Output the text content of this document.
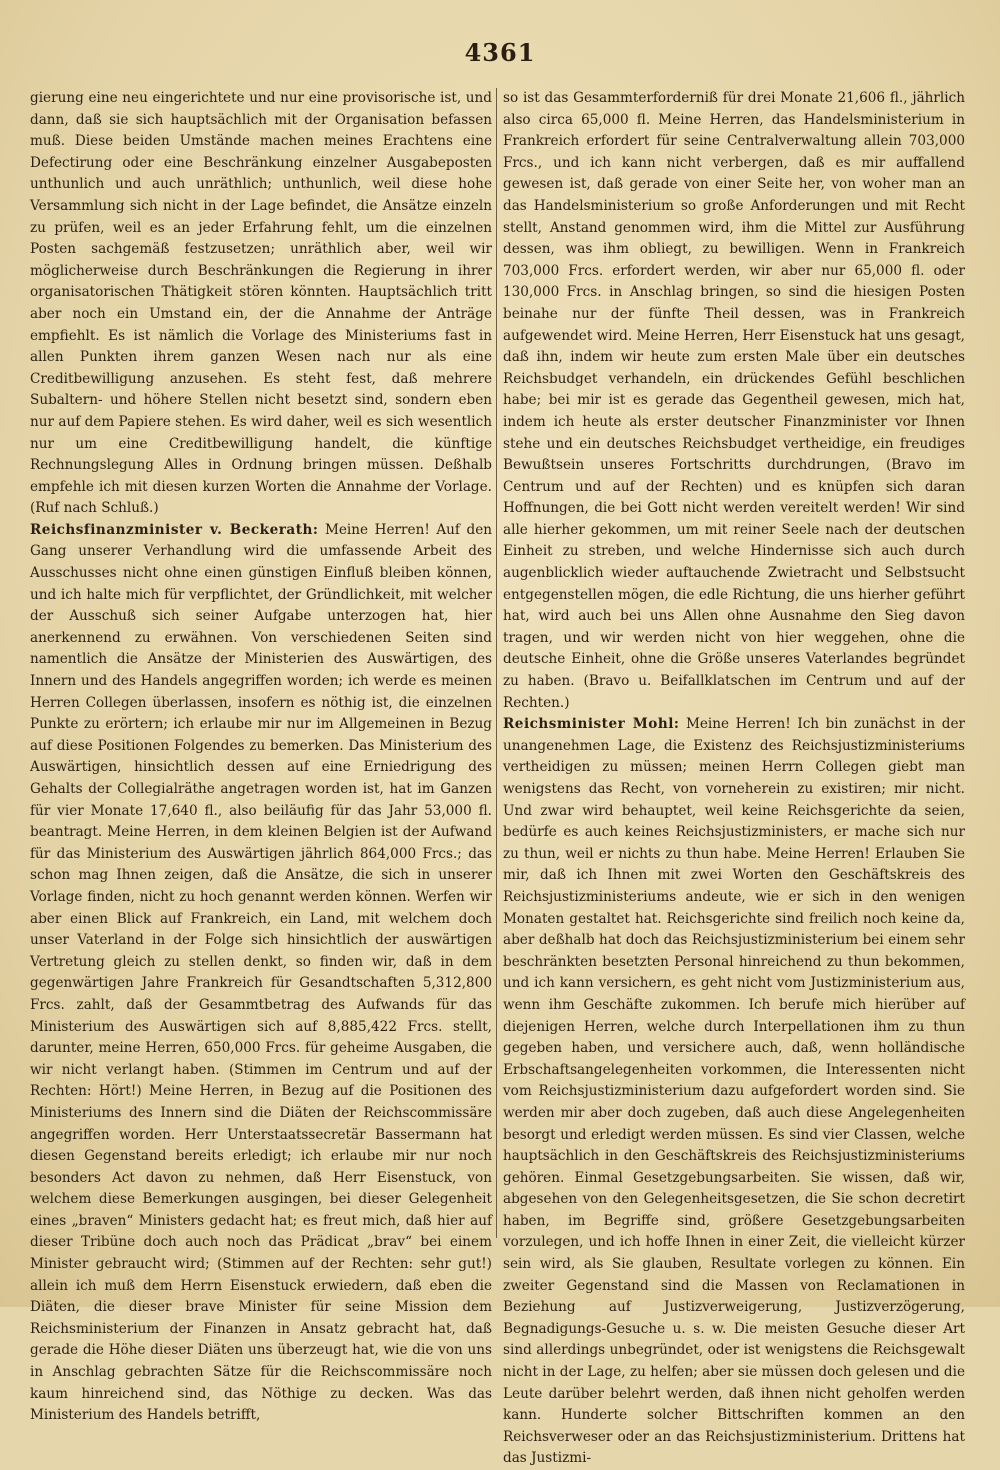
4361

gierung eine neu eingerichtete und nur eine provisorische ist, und dann, daß sie sich hauptsächlich mit der Organisation befassen muß. Diese beiden Umstände machen meines Erachtens eine Defectirung oder eine Beschränkung einzelner Ausgabeposten unthunlich und auch unräthlich; unthunlich, weil diese hohe Versammlung sich nicht in der Lage befindet, die Ansätze einzeln zu prüfen, weil es an jeder Erfahrung fehlt, um die einzelnen Posten sachgemäß festzusetzen; unräthlich aber, weil wir möglicherweise durch Beschränkungen die Regierung in ihrer organisatorischen Thätigkeit stören könnten. Hauptsächlich tritt aber noch ein Umstand ein, der die Annahme der Anträge empfiehlt. Es ist nämlich die Vorlage des Ministeriums fast in allen Punkten ihrem ganzen Wesen nach nur als eine Creditbewilligung anzusehen. Es steht fest, daß mehrere Subaltern- und höhere Stellen nicht besetzt sind, sondern eben nur auf dem Papiere stehen. Es wird daher, weil es sich wesentlich nur um eine Creditbewilligung handelt, die künftige Rechnungslegung Alles in Ordnung bringen müssen. Deßhalb empfehle ich mit diesen kurzen Worten die Annahme der Vorlage. (Ruf nach Schluß.)

Reichsfinanzminister v. Beckerath: Meine Herren! Auf den Gang unserer Verhandlung wird die umfassende Arbeit des Ausschusses nicht ohne einen günstigen Einfluß bleiben können, und ich halte mich für verpflichtet, der Gründlichkeit, mit welcher der Ausschuß sich seiner Aufgabe unterzogen hat, hier anerkennend zu erwähnen. Von verschiedenen Seiten sind namentlich die Ansätze der Ministerien des Auswärtigen, des Innern und des Handels angegriffen worden; ich werde es meinen Herren Collegen überlassen, insofern es nöthig ist, die einzelnen Punkte zu erörtern; ich erlaube mir nur im Allgemeinen in Bezug auf diese Positionen Folgendes zu bemerken. Das Ministerium des Auswärtigen, hinsichtlich dessen auf eine Erniedrigung des Gehalts der Collegialräthe angetragen worden ist, hat im Ganzen für vier Monate 17,640 fl., also beiläufig für das Jahr 53,000 fl. beantragt. Meine Herren, in dem kleinen Belgien ist der Aufwand für das Ministerium des Auswärtigen jährlich 864,000 Frcs.; das schon mag Ihnen zeigen, daß die Ansätze, die sich in unserer Vorlage finden, nicht zu hoch genannt werden können. Werfen wir aber einen Blick auf Frankreich, ein Land, mit welchem doch unser Vaterland in der Folge sich hinsichtlich der auswärtigen Vertretung gleich zu stellen denkt, so finden wir, daß in dem gegenwärtigen Jahre Frankreich für Gesandtschaften 5,312,800 Frcs. zahlt, daß der Gesammtbetrag des Aufwands für das Ministerium des Auswärtigen sich auf 8,885,422 Frcs. stellt, darunter, meine Herren, 650,000 Frcs. für geheime Ausgaben, die wir nicht verlangt haben. (Stimmen im Centrum und auf der Rechten: Hört!) Meine Herren, in Bezug auf die Positionen des Ministeriums des Innern sind die Diäten der Reichscommissäre angegriffen worden. Herr Unterstaatssecretär Bassermann hat diesen Gegenstand bereits erledigt; ich erlaube mir nur noch besonders Act davon zu nehmen, daß Herr Eisenstuck, von welchem diese Bemerkungen ausgingen, bei dieser Gelegenheit eines „braven“ Ministers gedacht hat; es freut mich, daß hier auf dieser Tribüne doch auch noch das Prädicat „brav“ bei einem Minister gebraucht wird; (Stimmen auf der Rechten: sehr gut!) allein ich muß dem Herrn Eisenstuck erwiedern, daß eben die Diäten, die dieser brave Minister für seine Mission dem Reichsministerium der Finanzen in Ansatz gebracht hat, daß gerade die Höhe dieser Diäten uns überzeugt hat, wie die von uns in Anschlag gebrachten Sätze für die Reichscommissäre noch kaum hinreichend sind, das Nöthige zu decken. Was das Ministerium des Handels betrifft,

so ist das Gesammterforderniß für drei Monate 21,606 fl., jährlich also circa 65,000 fl. Meine Herren, das Handelsministerium in Frankreich erfordert für seine Centralverwaltung allein 703,000 Frcs., und ich kann nicht verbergen, daß es mir auffallend gewesen ist, daß gerade von einer Seite her, von woher man an das Handelsministerium so große Anforderungen und mit Recht stellt, Anstand genommen wird, ihm die Mittel zur Ausführung dessen, was ihm obliegt, zu bewilligen. Wenn in Frankreich 703,000 Frcs. erfordert werden, wir aber nur 65,000 fl. oder 130,000 Frcs. in Anschlag bringen, so sind die hiesigen Posten beinahe nur der fünfte Theil dessen, was in Frankreich aufgewendet wird. Meine Herren, Herr Eisenstuck hat uns gesagt, daß ihn, indem wir heute zum ersten Male über ein deutsches Reichsbudget verhandeln, ein drückendes Gefühl beschlichen habe; bei mir ist es gerade das Gegentheil gewesen, mich hat, indem ich heute als erster deutscher Finanzminister vor Ihnen stehe und ein deutsches Reichsbudget vertheidige, ein freudiges Bewußtsein unseres Fortschritts durchdrungen, (Bravo im Centrum und auf der Rechten) und es knüpfen sich daran Hoffnungen, die bei Gott nicht werden vereitelt werden! Wir sind alle hierher gekommen, um mit reiner Seele nach der deutschen Einheit zu streben, und welche Hindernisse sich auch durch augenblicklich wieder auftauchende Zwietracht und Selbstsucht entgegenstellen mögen, die edle Richtung, die uns hierher geführt hat, wird auch bei uns Allen ohne Ausnahme den Sieg davon tragen, und wir werden nicht von hier weggehen, ohne die deutsche Einheit, ohne die Größe unseres Vaterlandes begründet zu haben. (Bravo u. Beifallklatschen im Centrum und auf der Rechten.)

Reichsminister Mohl: Meine Herren! Ich bin zunächst in der unangenehmen Lage, die Existenz des Reichsjustizministeriums vertheidigen zu müssen; meinen Herrn Collegen giebt man wenigstens das Recht, von vorneherein zu existiren; mir nicht. Und zwar wird behauptet, weil keine Reichsgerichte da seien, bedürfe es auch keines Reichsjustizministers, er mache sich nur zu thun, weil er nichts zu thun habe. Meine Herren! Erlauben Sie mir, daß ich Ihnen mit zwei Worten den Geschäftskreis des Reichsjustizministeriums andeute, wie er sich in den wenigen Monaten gestaltet hat. Reichsgerichte sind freilich noch keine da, aber deßhalb hat doch das Reichsjustizministerium bei einem sehr beschränkten besetzten Personal hinreichend zu thun bekommen, und ich kann versichern, es geht nicht vom Justizministerium aus, wenn ihm Geschäfte zukommen. Ich berufe mich hierüber auf diejenigen Herren, welche durch Interpellationen ihm zu thun gegeben haben, und versichere auch, daß, wenn holländische Erbschaftsangelegenheiten vorkommen, die Interessenten nicht vom Reichsjustizministerium dazu aufgefordert worden sind. Sie werden mir aber doch zugeben, daß auch diese Angelegenheiten besorgt und erledigt werden müssen. Es sind vier Classen, welche hauptsächlich in den Geschäftskreis des Reichsjustizministeriums gehören. Einmal Gesetzgebungsarbeiten. Sie wissen, daß wir, abgesehen von den Gelegenheitsgesetzen, die Sie schon decretirt haben, im Begriffe sind, größere Gesetzgebungsarbeiten vorzulegen, und ich hoffe Ihnen in einer Zeit, die vielleicht kürzer sein wird, als Sie glauben, Resultate vorlegen zu können. Ein zweiter Gegenstand sind die Massen von Reclamationen in Beziehung auf Justizverweigerung, Justizverzögerung, Begnadigungs-Gesuche u. s. w. Die meisten Gesuche dieser Art sind allerdings unbegründet, oder ist wenigstens die Reichsgewalt nicht in der Lage, zu helfen; aber sie müssen doch gelesen und die Leute darüber belehrt werden, daß ihnen nicht geholfen werden kann. Hunderte solcher Bittschriften kommen an den Reichsverweser oder an das Reichsjustizministerium. Drittens hat das Justizmi-
